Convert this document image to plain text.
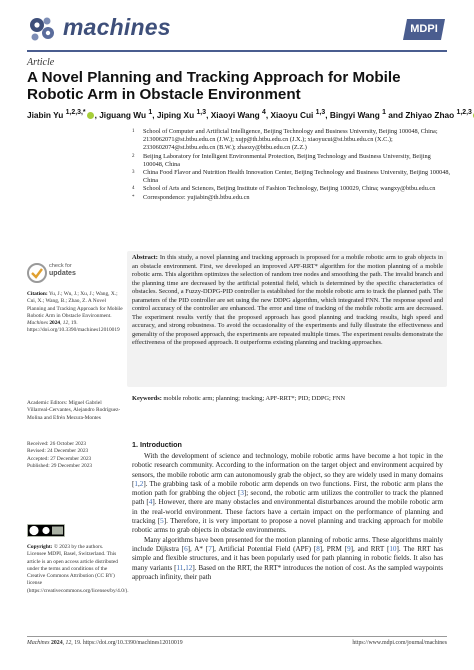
machines	MDPI
Article
A Novel Planning and Tracking Approach for Mobile Robotic Arm in Obstacle Environment
Jiabin Yu $^{1,2,3,*}$ , Jiguang Wu $^1$, Jiping Xu $^{1,3}$, Xiaoyi Wang $^4$, Xiaoyu Cui $^{1,3}$, Bingyi Wang $^1$ and Zhiyao Zhao $^{1,2,3}$
1	School of Computer and Artificial Intelligence, Beijing Technology and Business University, Beijing 100048, China; 2130062071@st.btbu.edu.cn (J.W.); xujp@th.btbu.edu.cn (J.X.); xiaoyucui@st.btbu.edu.cn (X.C.); 2330602074@st.btbu.edu.cn (B.W.); zhaozy@btbu.edu.cn (Z.Z.)
2	Beijing Laboratory for Intelligent Environmental Protection, Beijing Technology and Business University, Beijing 100048, China
3	China Food Flavor and Nutrition Health Innovation Center, Beijing Technology and Business University, Beijing 100048, China
4	School of Arts and Sciences, Beijing Institute of Fashion Technology, Beijing 100029, China; wangxy@btbu.edu.cn
*	Correspondence: yujiabin@th.btbu.edu.cn
Abstract: In this study, a novel planning and tracking approach is proposed for a mobile robotic arm to grab objects in an obstacle environment. First, we developed an improved APF-RRT* algorithm for the motion planning of a mobile robotic arm. This algorithm optimizes the selection of random tree nodes and smoothing the path. The invalid branch and the planning time are decreased by the artificial potential field, which is determined by the specific characteristics of obstacles. Second, a Fuzzy-DDPG-PID controller is established for the mobile robotic arm to track the planned path. The parameters of the PID controller are set using the new DDPG algorithm, which integrated FNN. The response speed and control accuracy of the controller are enhanced. The error and time of tracking of the mobile robotic arm are decreased. The experiment results verify that the proposed approach has good planning and tracking results, high speed and accuracy, and strong robustness. To avoid the occasionality of the experiments and fully illustrate the effectiveness and generality of the proposed approach, the experiments are repeated multiple times. The experiment results demonstrate the effectiveness of the proposed approach. It outperforms existing planning and tracking approaches.
Keywords: mobile robotic arm; planning; tracking; APF-RRT*; PID; DDPG; FNN
1. Introduction

With the development of science and technology, mobile robotic arms have become a hot topic in the robotic research community. According to the information on the target object and environment acquired by sensors, the mobile robotic arm can autonomously grab the object, so they are widely used in many domains [1,2]. The grabbing task of a mobile robotic arm depends on two functions. First, the robotic arm plans the motion path for grabbing the object [3]; second, the robotic arm utilizes the controller to track the planned path [4]. However, there are many obstacles and environmental disturbances around the mobile robotic arm in the real-world environment. These factors have a certain impact on the performance of planning and tracking [5]. Therefore, it is very important to propose a novel planning and tracking approach for mobile robotic arms to grab objects in obstacle environments.

Many algorithms have been presented for the motion planning of robotic arms. These algorithms mainly include Dijkstra [6], A* [7], Artificial Potential Field (APF) [8], PRM [9], and RRT [10]. The RRT has simple and flexible structures, and it has been popularly used for path planning in robotic fields. It also has many variants [11,12]. Based on the RRT, the RRT* introduces the notion of cost. As the sampled waypoints approach infinity, their path

check for
updates
Citation: Yu, J.; Wu, J.; Xu, J.; Wang, X.; Cui, X.; Wang, B.; Zhao, Z. A Novel Planning and Tracking Approach for Mobile Robotic Arm in Obstacle Environment. Machines 2024, 12, 19. https://doi.org/10.3390/machines12010019
Academic Editors: Miguel Gabriel Villarreal-Cervantes, Alejandro Rodríguez-Molina and Efrén Mezura-Montes
Received: 26 October 2023
Revised: 24 December 2023
Accepted: 27 December 2023
Published: 29 December 2023
Copyright: © 2023 by the authors. Licensee MDPI, Basel, Switzerland. This article is an open access article distributed under the terms and conditions of the Creative Commons Attribution (CC BY) license (https://creativecommons.org/licenses/by/4.0/).
Machines 2024, 12, 19. https://doi.org/10.3390/machines12010019	https://www.mdpi.com/journal/machines
